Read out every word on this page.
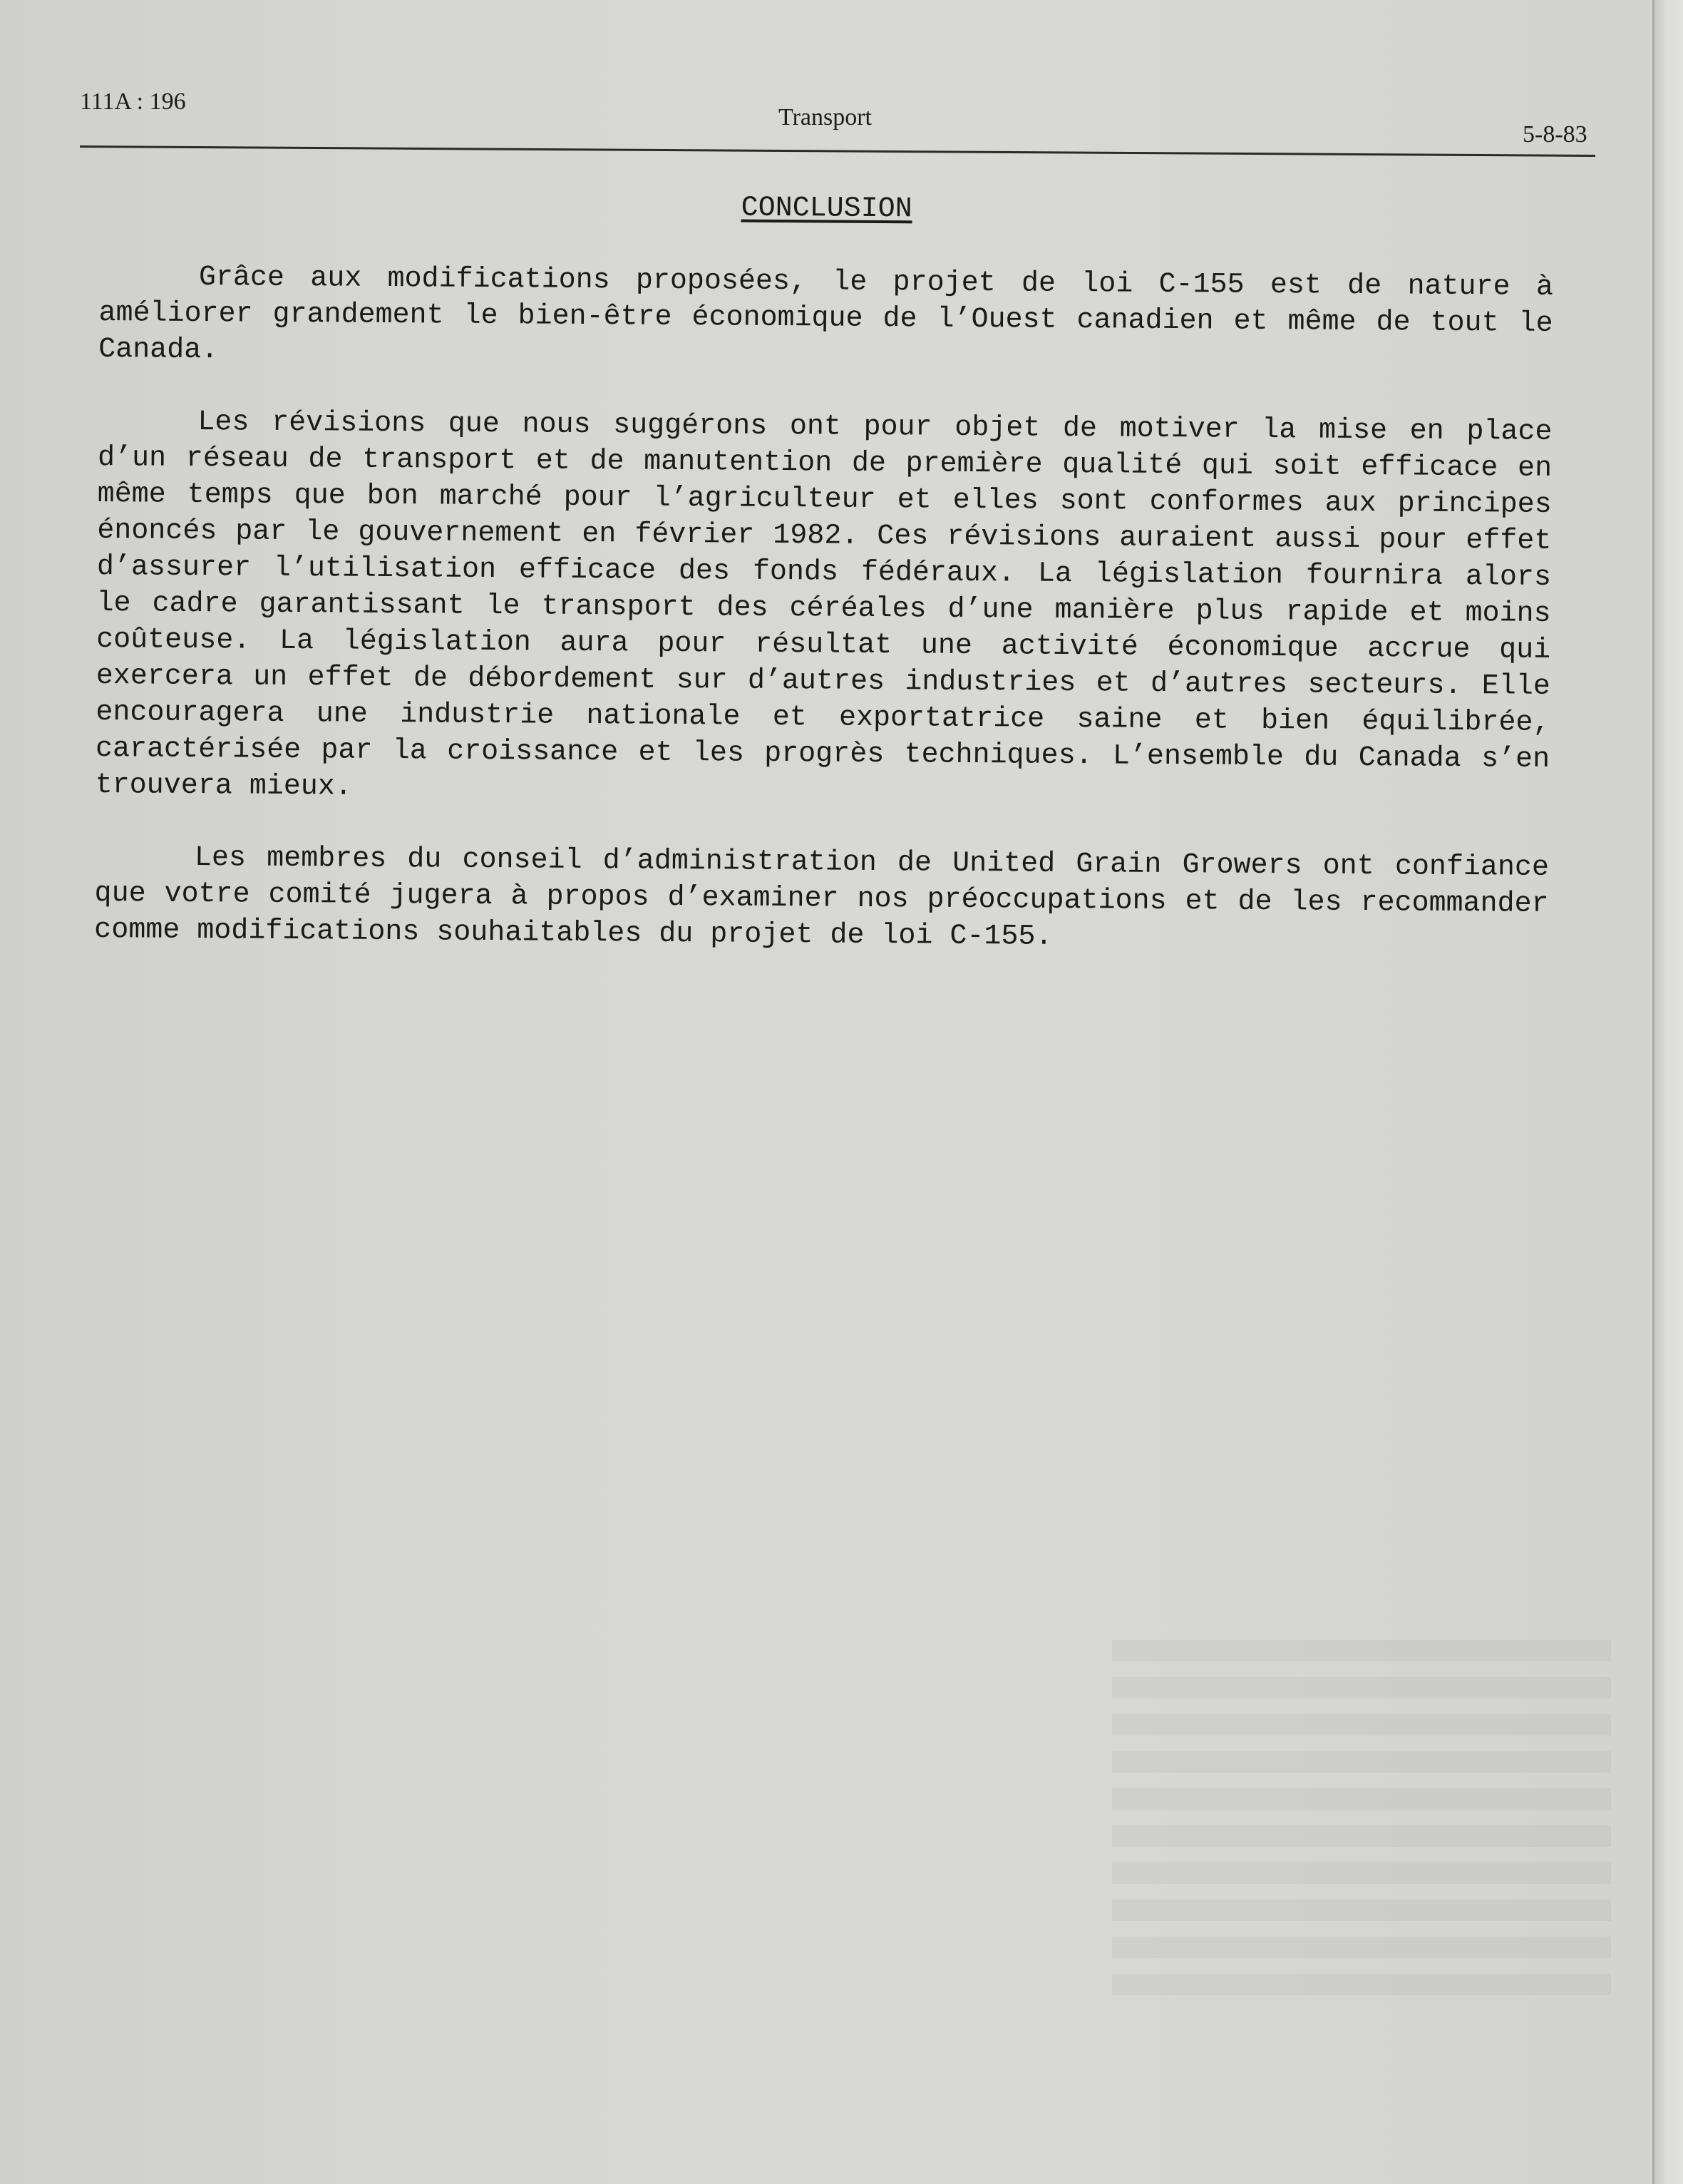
111A : 196

Transport

5-8-83

CONCLUSION

Grâce aux modifications proposées, le projet de loi C-155 est de nature à améliorer grandement le bien-être économique de l’Ouest canadien et même de tout le Canada.

Les révisions que nous suggérons ont pour objet de motiver la mise en place d’un réseau de transport et de manutention de première qualité qui soit efficace en même temps que bon marché pour l’agriculteur et elles sont conformes aux principes énoncés par le gouvernement en février 1982. Ces révisions auraient aussi pour effet d’assurer l’utilisation efficace des fonds fédéraux. La législation fournira alors le cadre garantissant le transport des céréales d’une manière plus rapide et moins coûteuse. La législation aura pour résultat une activité économique accrue qui exercera un effet de débordement sur d’autres industries et d’autres secteurs. Elle encouragera une industrie nationale et exportatrice saine et bien équilibrée, caractérisée par la croissance et les progrès techniques. L’ensemble du Canada s’en trouvera mieux.

Les membres du conseil d’administration de United Grain Growers ont confiance que votre comité jugera à propos d’examiner nos préoccupations et de les recommander comme modifications souhaitables du projet de loi C-155.
